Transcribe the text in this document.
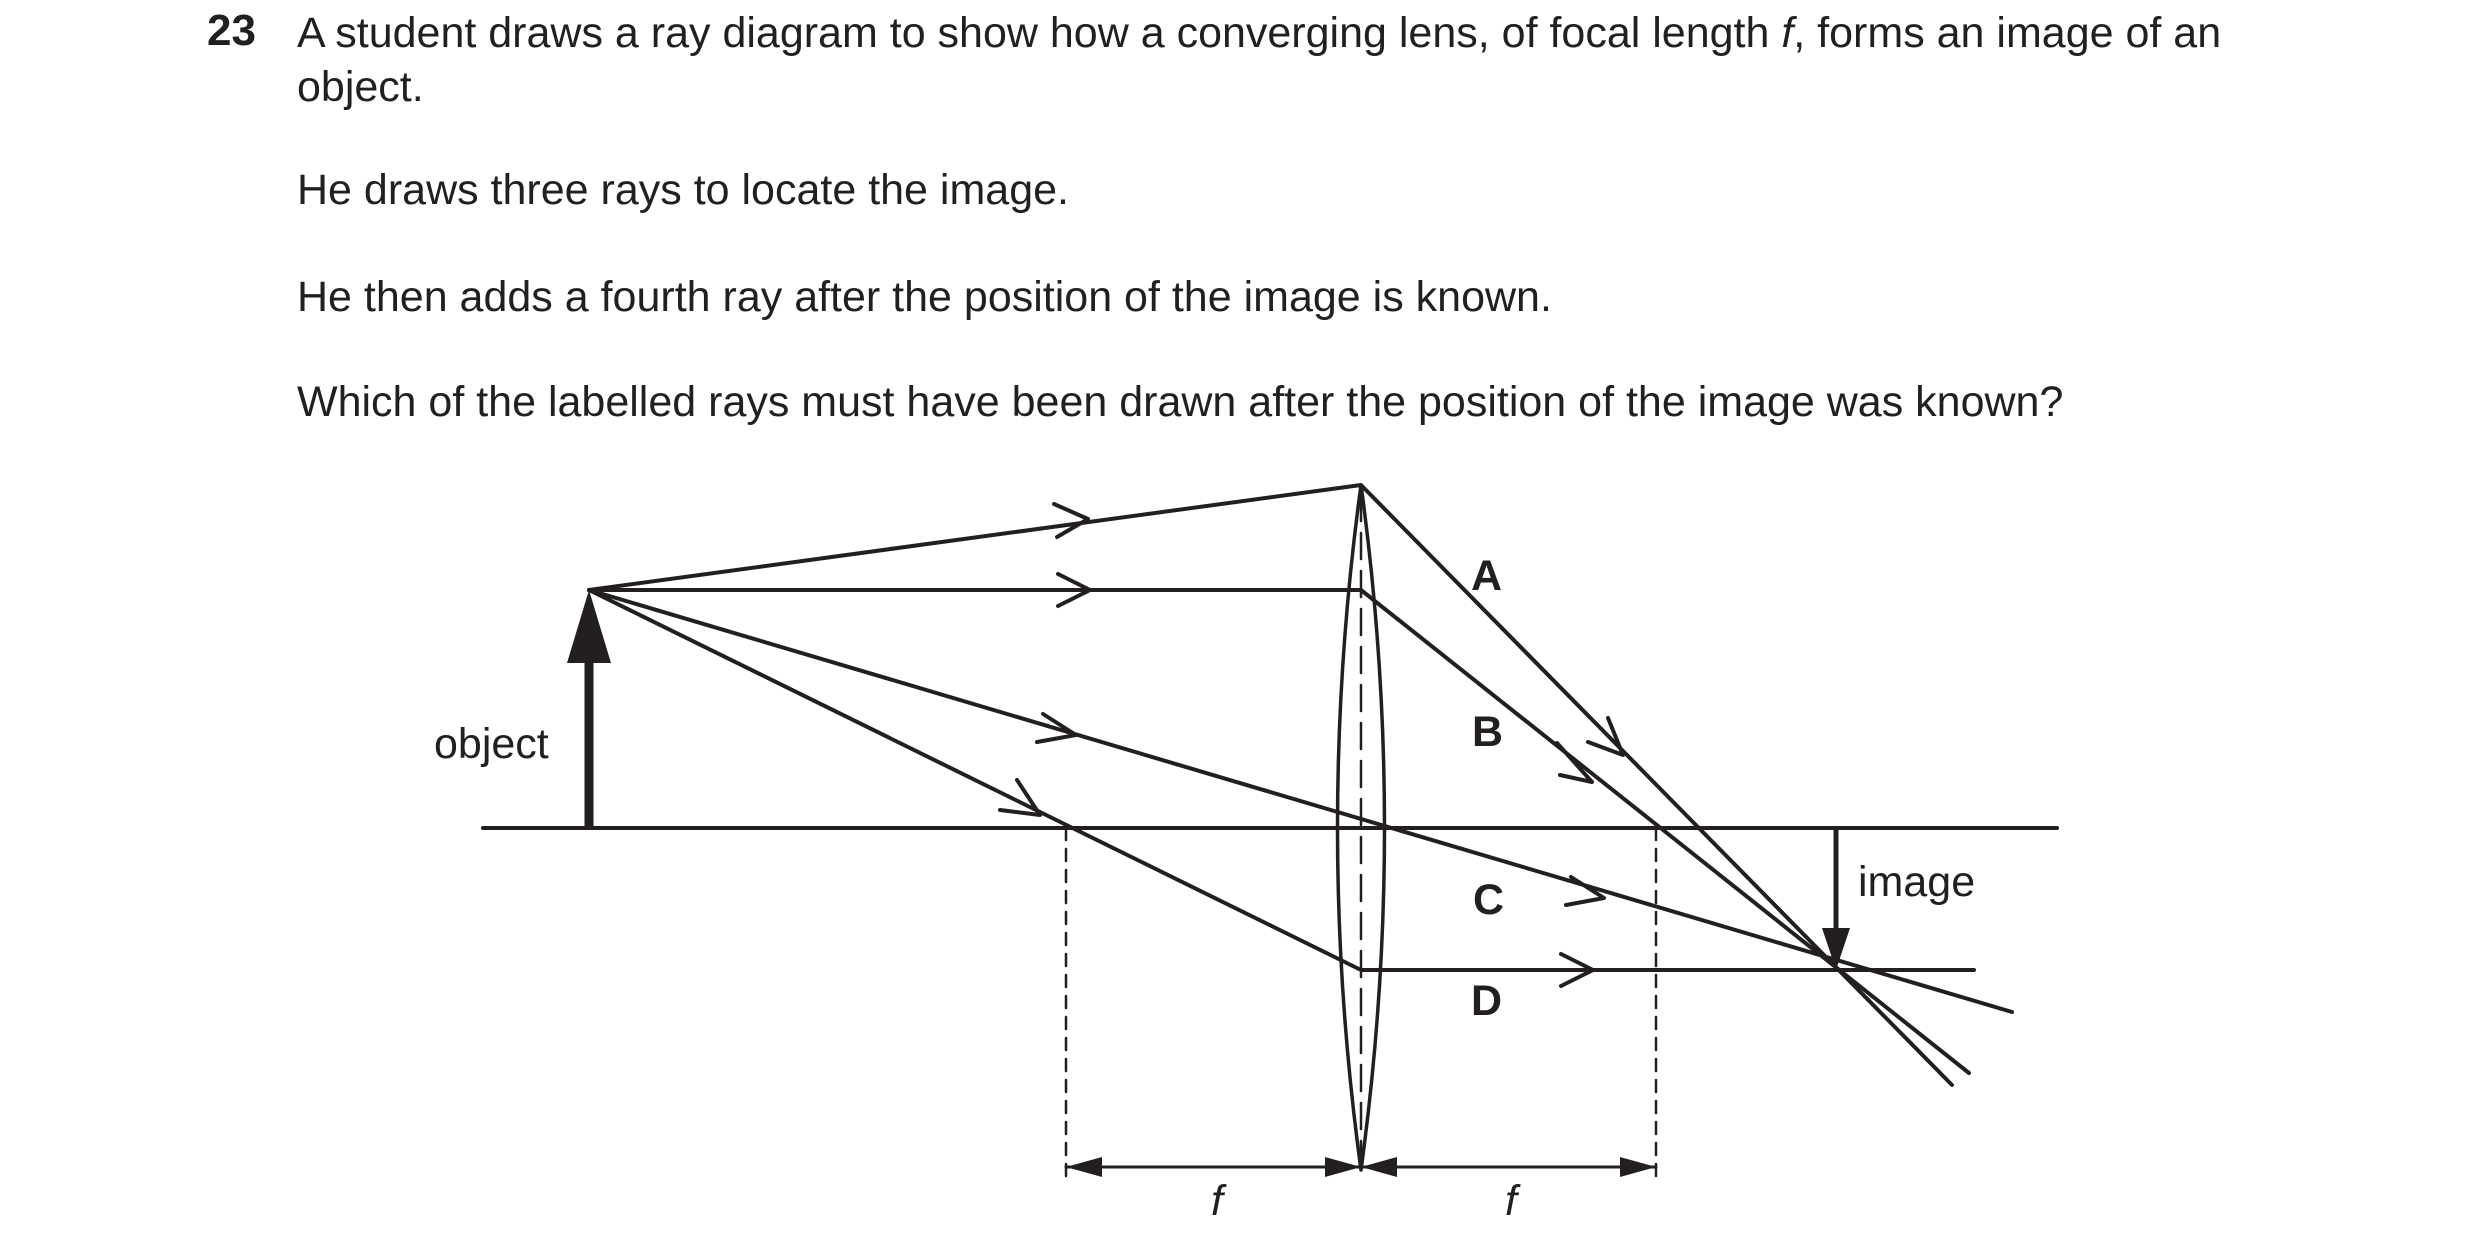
23 A student draws a ray diagram to show how a converging lens, of focal length f, forms an image of an object.

He draws three rays to locate the image.

He then adds a fourth ray after the position of the image is known.

Which of the labelled rays must have been drawn after the position of the image was known?

object
image
A
B
C
D
f	f
